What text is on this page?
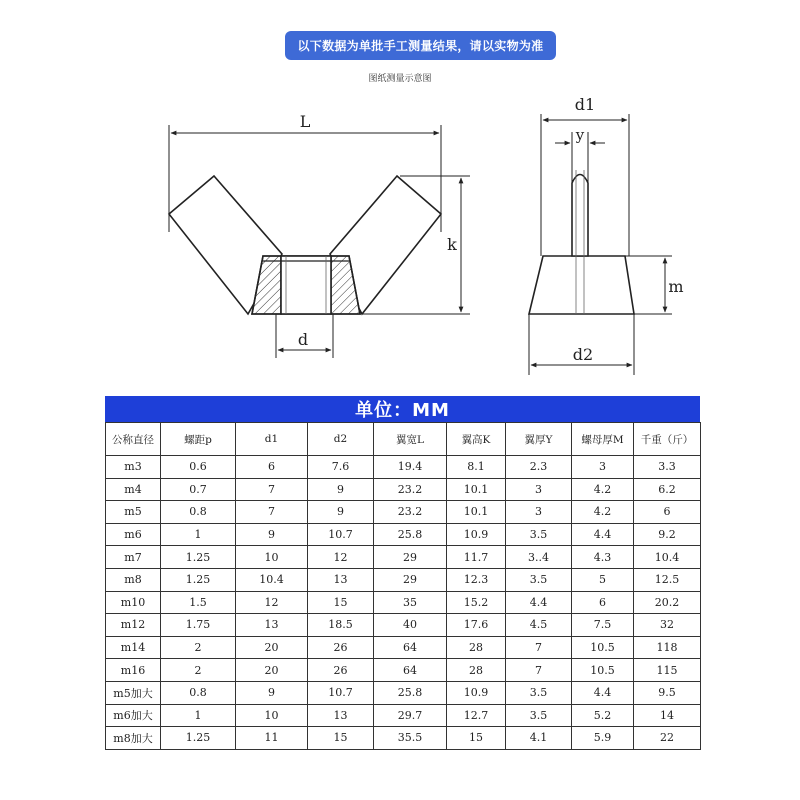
以下数据为单批手工测量结果，请以实物为准
图纸测量示意图
L
k
d
d1
y
m
d2
单位：MM
公称直径	螺距p	d1	d2	翼宽L	翼高K	翼厚Y	螺母厚M	千重（斤）
m3	0.6	6	7.6	19.4	8.1	2.3	3	3.3
m4	0.7	7	9	23.2	10.1	3	4.2	6.2
m5	0.8	7	9	23.2	10.1	3	4.2	6
m6	1	9	10.7	25.8	10.9	3.5	4.4	9.2
m7	1.25	10	12	29	11.7	3..4	4.3	10.4
m8	1.25	10.4	13	29	12.3	3.5	5	12.5
m10	1.5	12	15	35	15.2	4.4	6	20.2
m12	1.75	13	18.5	40	17.6	4.5	7.5	32
m14	2	20	26	64	28	7	10.5	118
m16	2	20	26	64	28	7	10.5	115
m5加大	0.8	9	10.7	25.8	10.9	3.5	4.4	9.5
m6加大	1	10	13	29.7	12.7	3.5	5.2	14
m8加大	1.25	11	15	35.5	15	4.1	5.9	22
